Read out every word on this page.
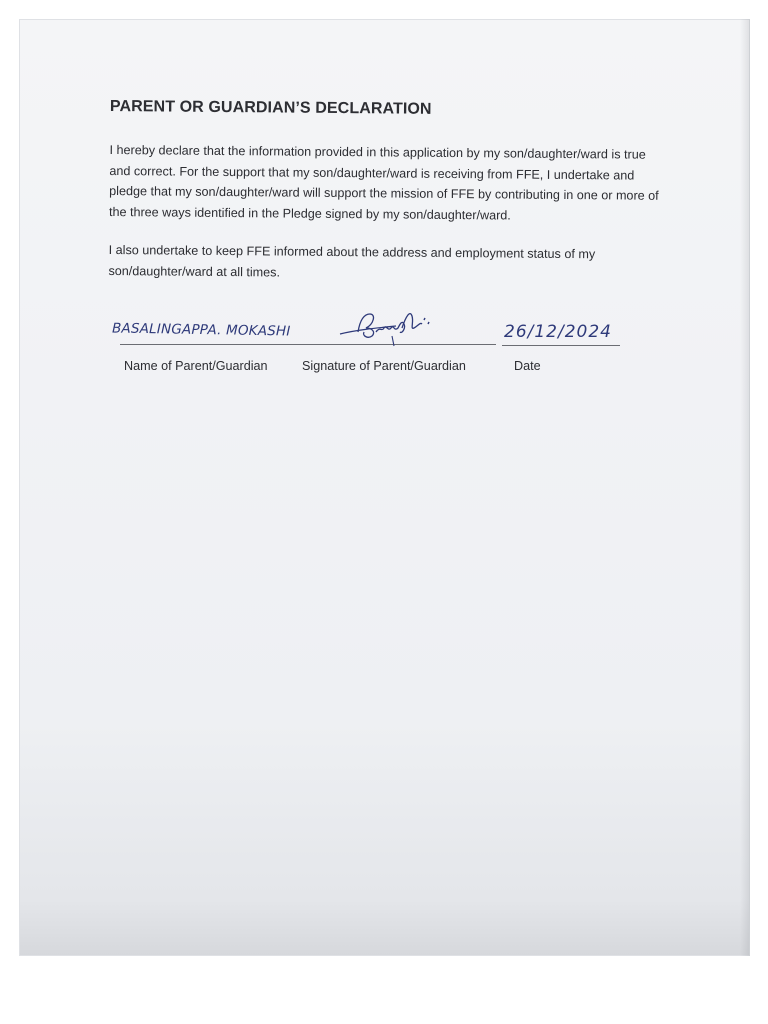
PARENT OR GUARDIAN’S DECLARATION

I hereby declare that the information provided in this application by my son/daughter/ward is true and correct. For the support that my son/daughter/ward is receiving from FFE, I undertake and pledge that my son/daughter/ward will support the mission of FFE by contributing in one or more of the three ways identified in the Pledge signed by my son/daughter/ward.

I also undertake to keep FFE informed about the address and employment status of my son/daughter/ward at all times.

BASALINGAPPA. MOKASHI	26/12/2024
Name of Parent/Guardian	Signature of Parent/Guardian	Date
